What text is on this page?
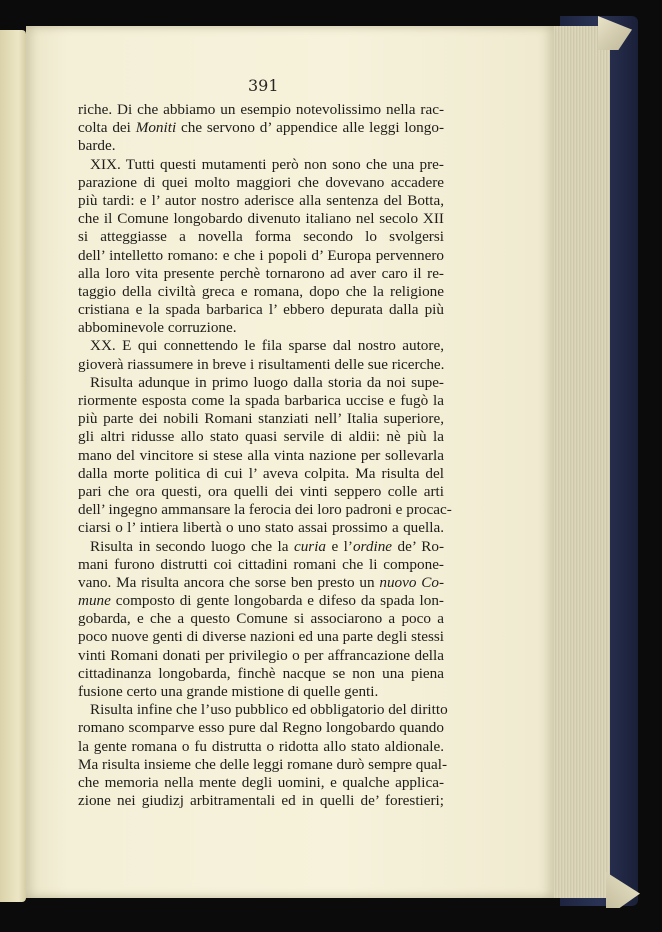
391
riche. Di che abbiamo un esempio notevolissimo nella rac-
colta dei Moniti che servono d’ appendice alle leggi longo-
barde.
XIX. Tutti questi mutamenti però non sono che una pre-
parazione di quei molto maggiori che dovevano accadere
più tardi: e l’ autor nostro aderisce alla sentenza del Botta,
che il Comune longobardo divenuto italiano nel secolo XII
si atteggiasse a novella forma secondo lo svolgersi
dell’ intelletto romano: e che i popoli d’ Europa pervennero
alla loro vita presente perchè tornarono ad aver caro il re-
taggio della civiltà greca e romana, dopo che la religione
cristiana e la spada barbarica l’ ebbero depurata dalla più
abbominevole corruzione.
XX. E qui connettendo le fila sparse dal nostro autore,
gioverà riassumere in breve i risultamenti delle sue ricerche.
Risulta adunque in primo luogo dalla storia da noi supe-
riormente esposta come la spada barbarica uccise e fugò la
più parte dei nobili Romani stanziati nell’ Italia superiore,
gli altri ridusse allo stato quasi servile di aldii: nè più la
mano del vincitore si stese alla vinta nazione per sollevarla
dalla morte politica di cui l’ aveva colpita. Ma risulta del
pari che ora questi, ora quelli dei vinti seppero colle arti
dell’ ingegno ammansare la ferocia dei loro padroni e procac-
ciarsi o l’ intiera libertà o uno stato assai prossimo a quella.
Risulta in secondo luogo che la curia e l’ordine de’ Ro-
mani furono distrutti coi cittadini romani che li compone-
vano. Ma risulta ancora che sorse ben presto un nuovo Co-
mune composto di gente longobarda e difeso da spada lon-
gobarda, e che a questo Comune si associarono a poco a
poco nuove genti di diverse nazioni ed una parte degli stessi
vinti Romani donati per privilegio o per affrancazione della
cittadinanza longobarda, finchè nacque se non una piena
fusione certo una grande mistione di quelle genti.
Risulta infine che l’uso pubblico ed obbligatorio del diritto
romano scomparve esso pure dal Regno longobardo quando
la gente romana o fu distrutta o ridotta allo stato aldionale.
Ma risulta insieme che delle leggi romane durò sempre qual-
che memoria nella mente degli uomini, e qualche applica-
zione nei giudizj arbitramentali ed in quelli de’ forestieri;
